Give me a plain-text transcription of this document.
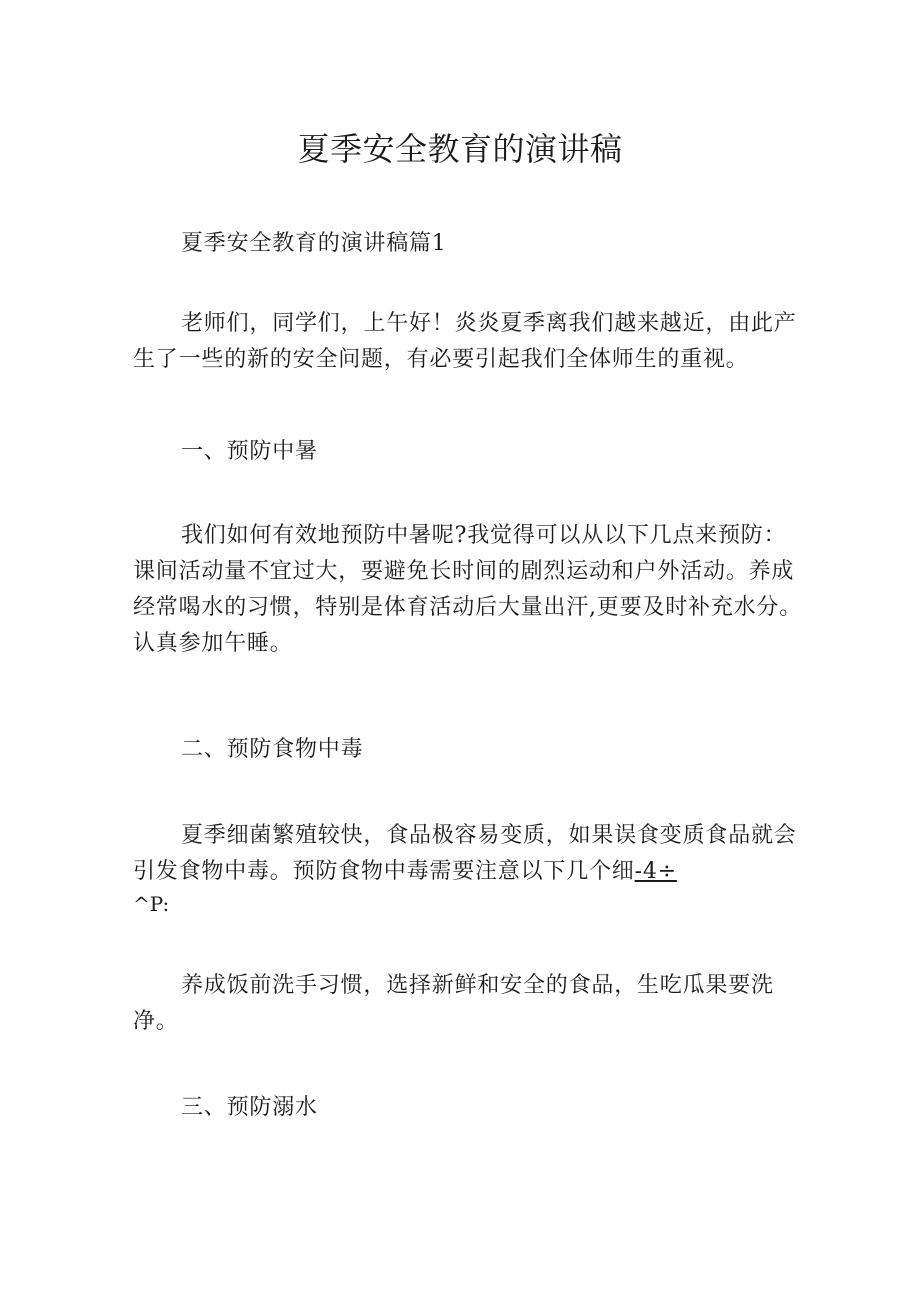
夏季安全教育的演讲稿

夏季安全教育的演讲稿篇1

老师们，同学们，上午好！炎炎夏季离我们越来越近，由此产生了一些的新的安全问题，有必要引起我们全体师生的重视。

一、预防中暑

我们如何有效地预防中暑呢?我觉得可以从以下几点来预防：课间活动量不宜过大，要避免长时间的剧烈运动和户外活动。养成经常喝水的习惯，特别是体育活动后大量出汗,更要及时补充水分。认真参加午睡。

二、预防食物中毒

夏季细菌繁殖较快，食品极容易变质，如果误食变质食品就会引发食物中毒。预防食物中毒需要注意以下几个细-4÷

^P:

养成饭前洗手习惯，选择新鲜和安全的食品，生吃瓜果要洗净。

三、预防溺水
